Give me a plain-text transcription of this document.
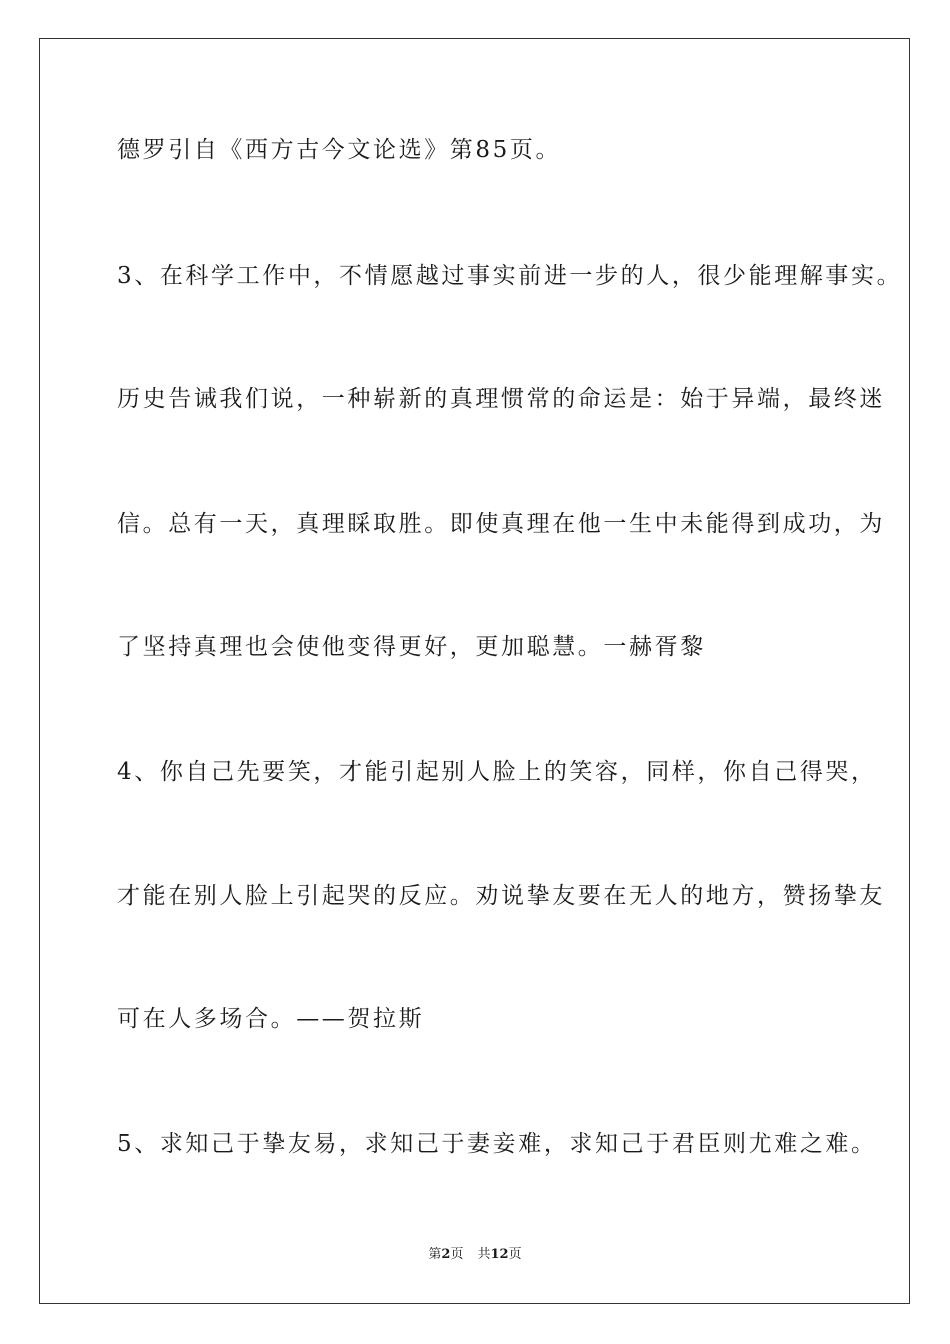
德罗引自《西方古今文论选》第85页。
3、在科学工作中，不情愿越过事实前进一步的人，很少能理解事实。
历史告诫我们说，一种崭新的真理惯常的命运是：始于异端，最终迷
信。总有一天，真理睬取胜。即使真理在他一生中未能得到成功，为
了坚持真理也会使他变得更好，更加聪慧。一赫胥黎
4、你自己先要笑，才能引起别人脸上的笑容，同样，你自己得哭，
才能在别人脸上引起哭的反应。劝说挚友要在无人的地方，赞扬挚友
可在人多场合。——贺拉斯
5、求知己于挚友易，求知己于妻妾难，求知己于君臣则尤难之难。
第2页 共12页
